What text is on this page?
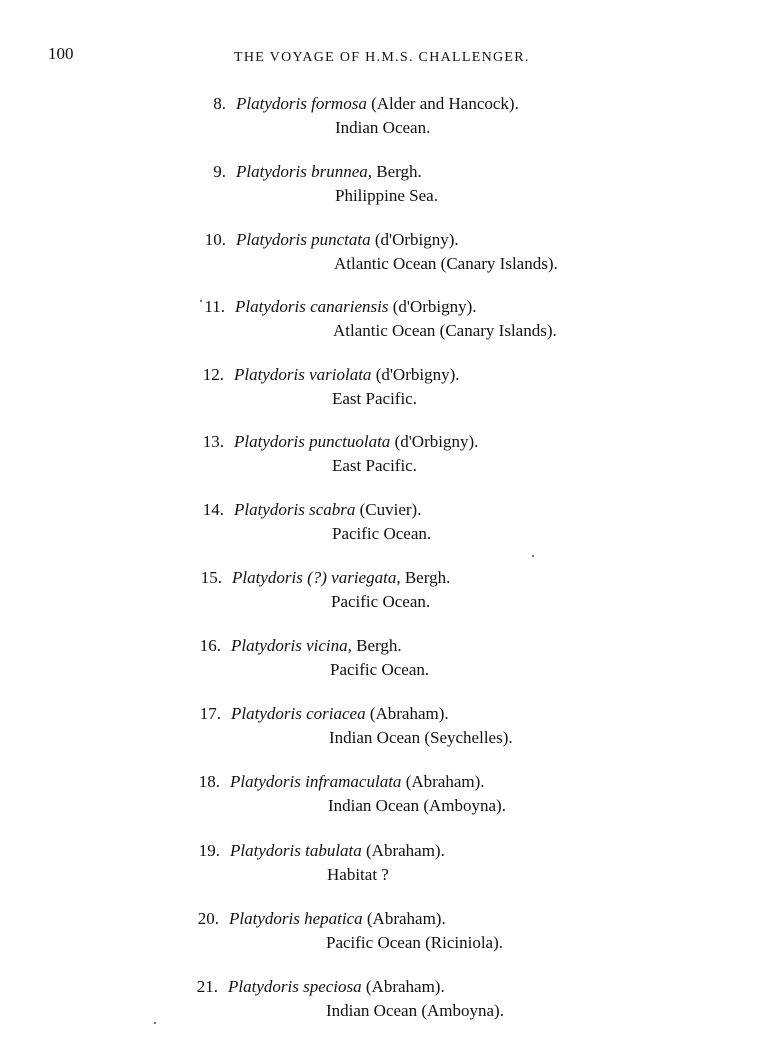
100	THE VOYAGE OF H.M.S. CHALLENGER.
8. Platydoris formosa (Alder and Hancock).
Indian Ocean.
9. Platydoris brunnea, Bergh.
Philippine Sea.
10. Platydoris punctata (d'Orbigny).
Atlantic Ocean (Canary Islands).
11. Platydoris canariensis (d'Orbigny).
Atlantic Ocean (Canary Islands).
12. Platydoris variolata (d'Orbigny).
East Pacific.
13. Platydoris punctuolata (d'Orbigny).
East Pacific.
14. Platydoris scabra (Cuvier).
Pacific Ocean.
15. Platydoris (?) variegata, Bergh.
Pacific Ocean.
16. Platydoris vicina, Bergh.
Pacific Ocean.
17. Platydoris coriacea (Abraham).
Indian Ocean (Seychelles).
18. Platydoris inframaculata (Abraham).
Indian Ocean (Amboyna).
19. Platydoris tabulata (Abraham).
Habitat ?
20. Platydoris hepatica (Abraham).
Pacific Ocean (Riciniola).
21. Platydoris speciosa (Abraham).
Indian Ocean (Amboyna).
